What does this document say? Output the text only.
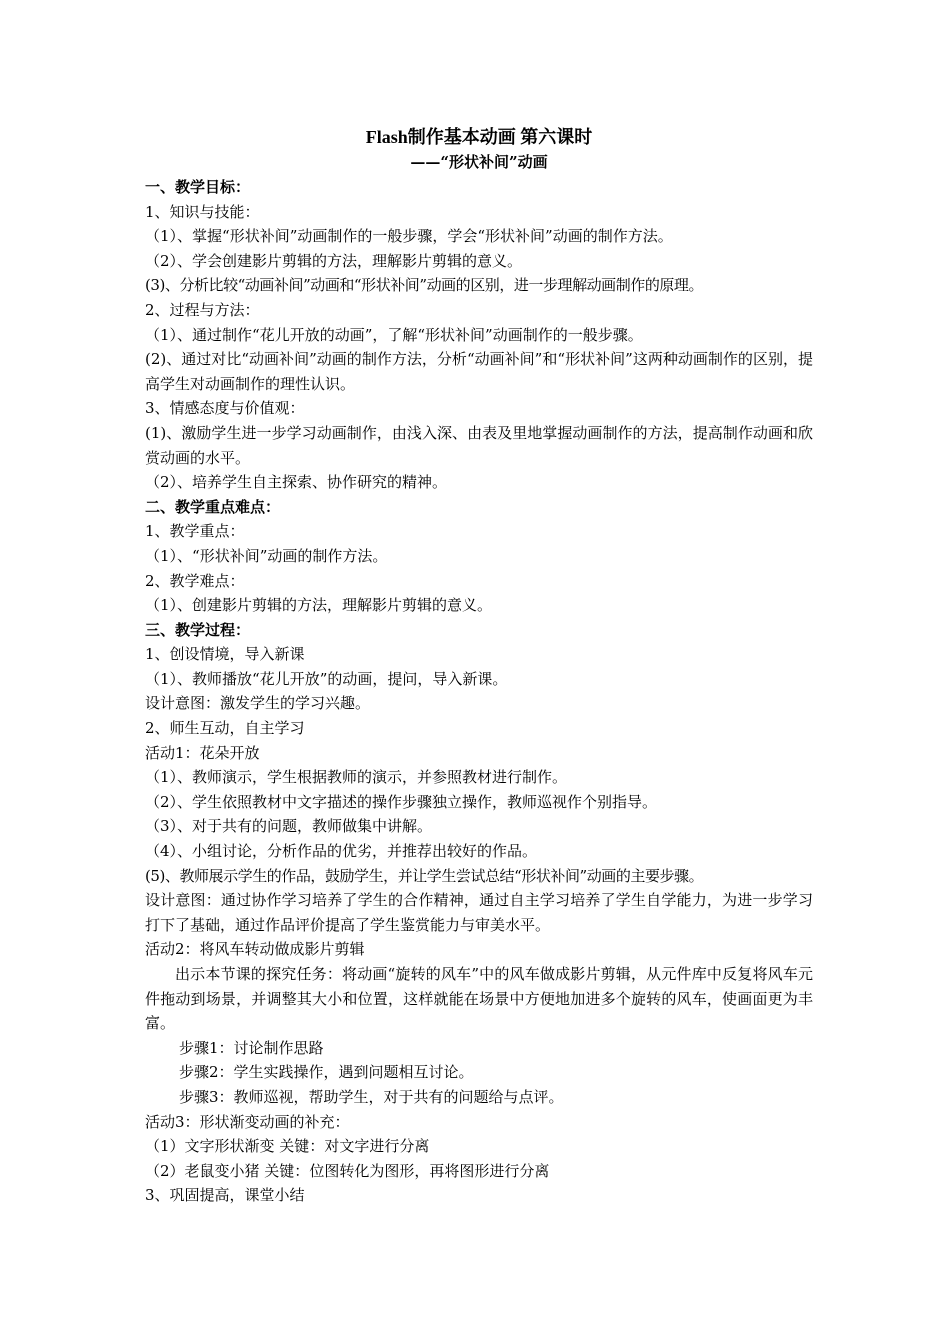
Flash制作基本动画 第六课时
——“形状补间”动画
一、教学目标：
1、知识与技能：
（1）、掌握“形状补间”动画制作的一般步骤，学会“形状补间”动画的制作方法。
（2）、学会创建影片剪辑的方法，理解影片剪辑的意义。
(3)、分析比较“动画补间”动画和“形状补间”动画的区别，进一步理解动画制作的原理。
2、过程与方法：
（1）、通过制作“花儿开放的动画”，了解“形状补间”动画制作的一般步骤。
(2)、通过对比“动画补间”动画的制作方法，分析“动画补间”和“形状补间”这两种动画制作的区别，提高学生对动画制作的理性认识。
3、情感态度与价值观：
(1)、激励学生进一步学习动画制作，由浅入深、由表及里地掌握动画制作的方法，提高制作动画和欣赏动画的水平。
（2）、培养学生自主探索、协作研究的精神。
二、教学重点难点：
1、教学重点：
（1）、“形状补间”动画的制作方法。
2、教学难点：
（1）、创建影片剪辑的方法，理解影片剪辑的意义。
三、教学过程：
1、创设情境，导入新课
（1）、教师播放“花儿开放”的动画，提问，导入新课。
设计意图：激发学生的学习兴趣。
2、师生互动，自主学习
活动1：花朵开放
（1）、教师演示，学生根据教师的演示，并参照教材进行制作。
（2）、学生依照教材中文字描述的操作步骤独立操作，教师巡视作个别指导。
（3）、对于共有的问题，教师做集中讲解。
（4）、小组讨论，分析作品的优劣，并推荐出较好的作品。
(5)、教师展示学生的作品，鼓励学生，并让学生尝试总结“形状补间”动画的主要步骤。
设计意图：通过协作学习培养了学生的合作精神，通过自主学习培养了学生自学能力，为进一步学习打下了基础，通过作品评价提高了学生鉴赏能力与审美水平。
活动2：将风车转动做成影片剪辑
出示本节课的探究任务：将动画“旋转的风车”中的风车做成影片剪辑，从元件库中反复将风车元件拖动到场景，并调整其大小和位置，这样就能在场景中方便地加进多个旋转的风车，使画面更为丰富。
步骤1：讨论制作思路
步骤2：学生实践操作，遇到问题相互讨论。
步骤3：教师巡视，帮助学生，对于共有的问题给与点评。
活动3：形状渐变动画的补充：
（1）文字形状渐变 关键：对文字进行分离
（2）老鼠变小猪 关键：位图转化为图形，再将图形进行分离
3、巩固提高，课堂小结
